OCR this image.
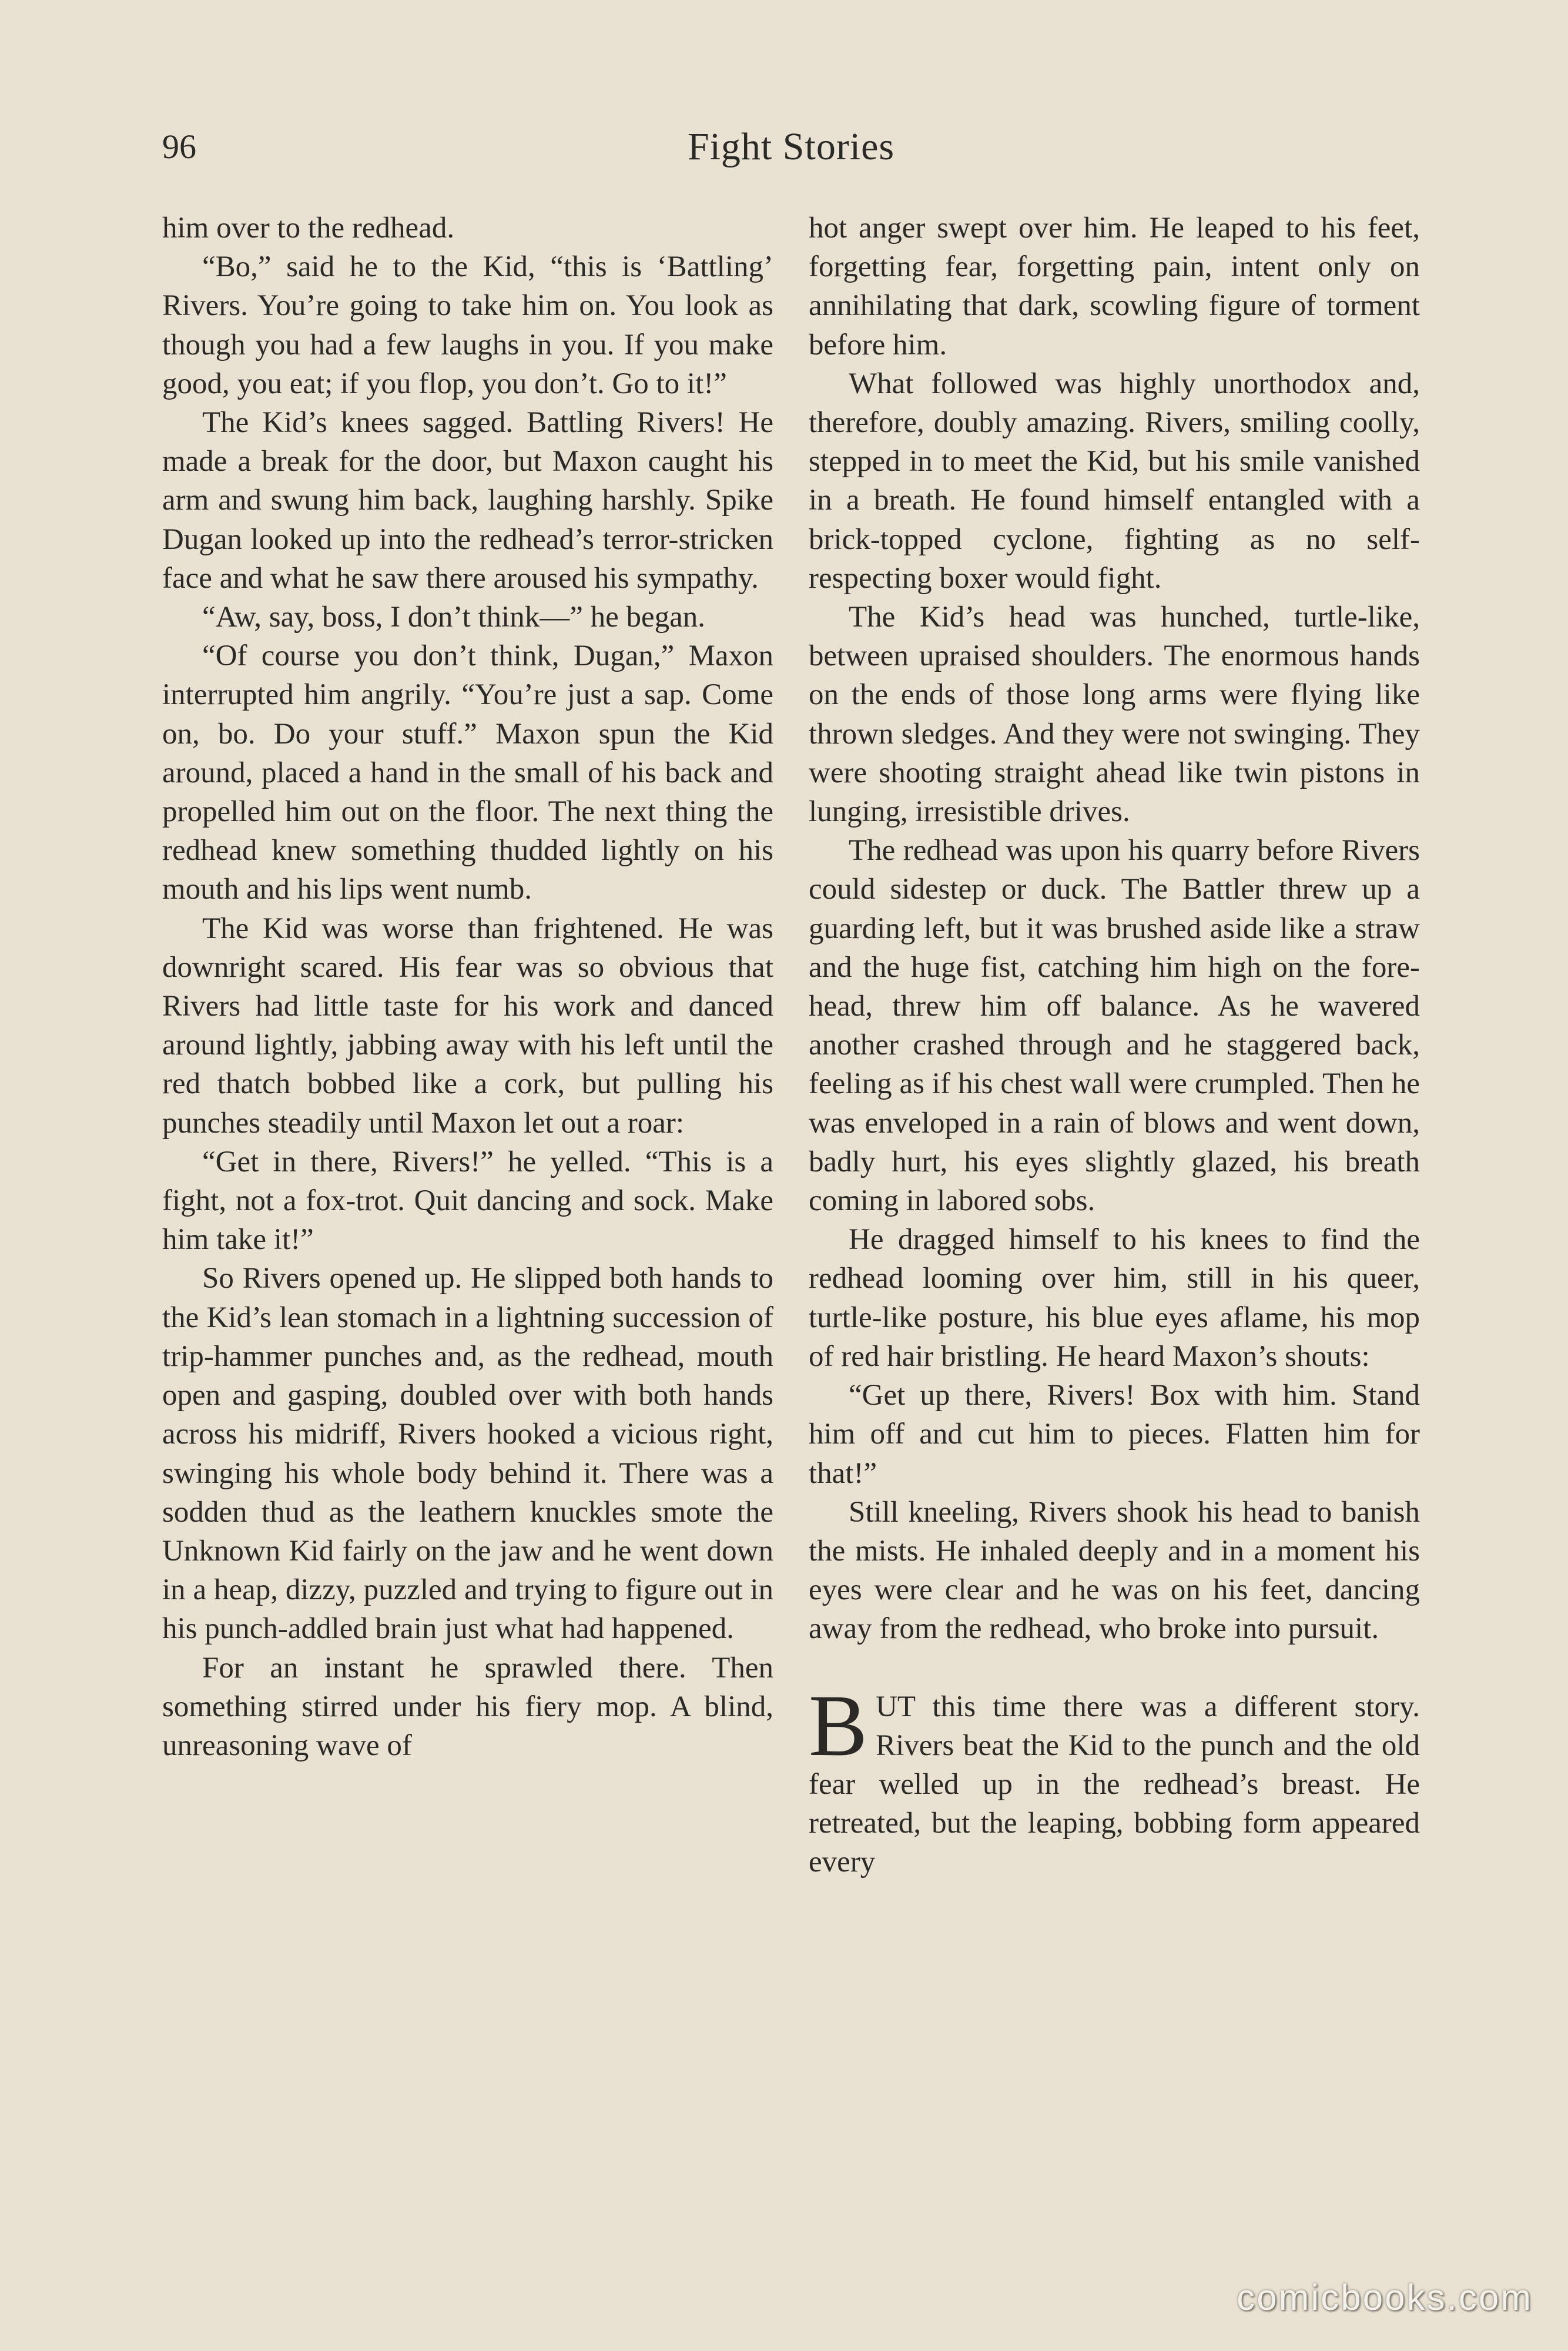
96	Fight Stories

him over to the redhead.

“Bo,” said he to the Kid, “this is ‘Battling’ Rivers. You’re going to take him on. You look as though you had a few laughs in you. If you make good, you eat; if you flop, you don’t. Go to it!”

The Kid’s knees sagged. Battling Rivers! He made a break for the door, but Maxon caught his arm and swung him back, laughing harshly. Spike Dugan looked up into the redhead’s terror-stricken face and what he saw there aroused his sympathy.

“Aw, say, boss, I don’t think—” he began.

“Of course you don’t think, Dugan,” Maxon interrupted him angrily. “You’re just a sap. Come on, bo. Do your stuff.” Maxon spun the Kid around, placed a hand in the small of his back and propelled him out on the floor. The next thing the redhead knew something thudded lightly on his mouth and his lips went numb.

The Kid was worse than frightened. He was downright scared. His fear was so obvious that Rivers had little taste for his work and danced around lightly, jabbing away with his left until the red thatch bobbed like a cork, but pulling his punches steadily until Maxon let out a roar:

“Get in there, Rivers!” he yelled. “This is a fight, not a fox-trot. Quit dancing and sock. Make him take it!”

So Rivers opened up. He slipped both hands to the Kid’s lean stomach in a lightning succession of trip-hammer punches and, as the redhead, mouth open and gasping, doubled over with both hands across his midriff, Rivers hooked a vicious right, swinging his whole body behind it. There was a sodden thud as the leathern knuckles smote the Unknown Kid fairly on the jaw and he went down in a heap, dizzy, puzzled and trying to figure out in his punch-addled brain just what had happened.

For an instant he sprawled there. Then something stirred under his fiery mop. A blind, unreasoning wave of

hot anger swept over him. He leaped to his feet, forgetting fear, forgetting pain, intent only on annihilating that dark, scowling figure of torment before him.

What followed was highly unorthodox and, therefore, doubly amazing. Rivers, smiling coolly, stepped in to meet the Kid, but his smile vanished in a breath. He found himself entangled with a brick-topped cyclone, fighting as no self-respecting boxer would fight.

The Kid’s head was hunched, turtle-like, between upraised shoulders. The enormous hands on the ends of those long arms were flying like thrown sledges. And they were not swinging. They were shooting straight ahead like twin pistons in lunging, irresistible drives.

The redhead was upon his quarry before Rivers could sidestep or duck. The Battler threw up a guarding left, but it was brushed aside like a straw and the huge fist, catching him high on the forehead, threw him off balance. As he wavered another crashed through and he staggered back, feeling as if his chest wall were crumpled. Then he was enveloped in a rain of blows and went down, badly hurt, his eyes slightly glazed, his breath coming in labored sobs.

He dragged himself to his knees to find the redhead looming over him, still in his queer, turtle-like posture, his blue eyes aflame, his mop of red hair bristling. He heard Maxon’s shouts:

“Get up there, Rivers! Box with him. Stand him off and cut him to pieces. Flatten him for that!”

Still kneeling, Rivers shook his head to banish the mists. He inhaled deeply and in a moment his eyes were clear and he was on his feet, dancing away from the redhead, who broke into pursuit.

BUT this time there was a different story. Rivers beat the Kid to the punch and the old fear welled up in the redhead’s breast. He retreated, but the leaping, bobbing form appeared every

comicbooks.com
